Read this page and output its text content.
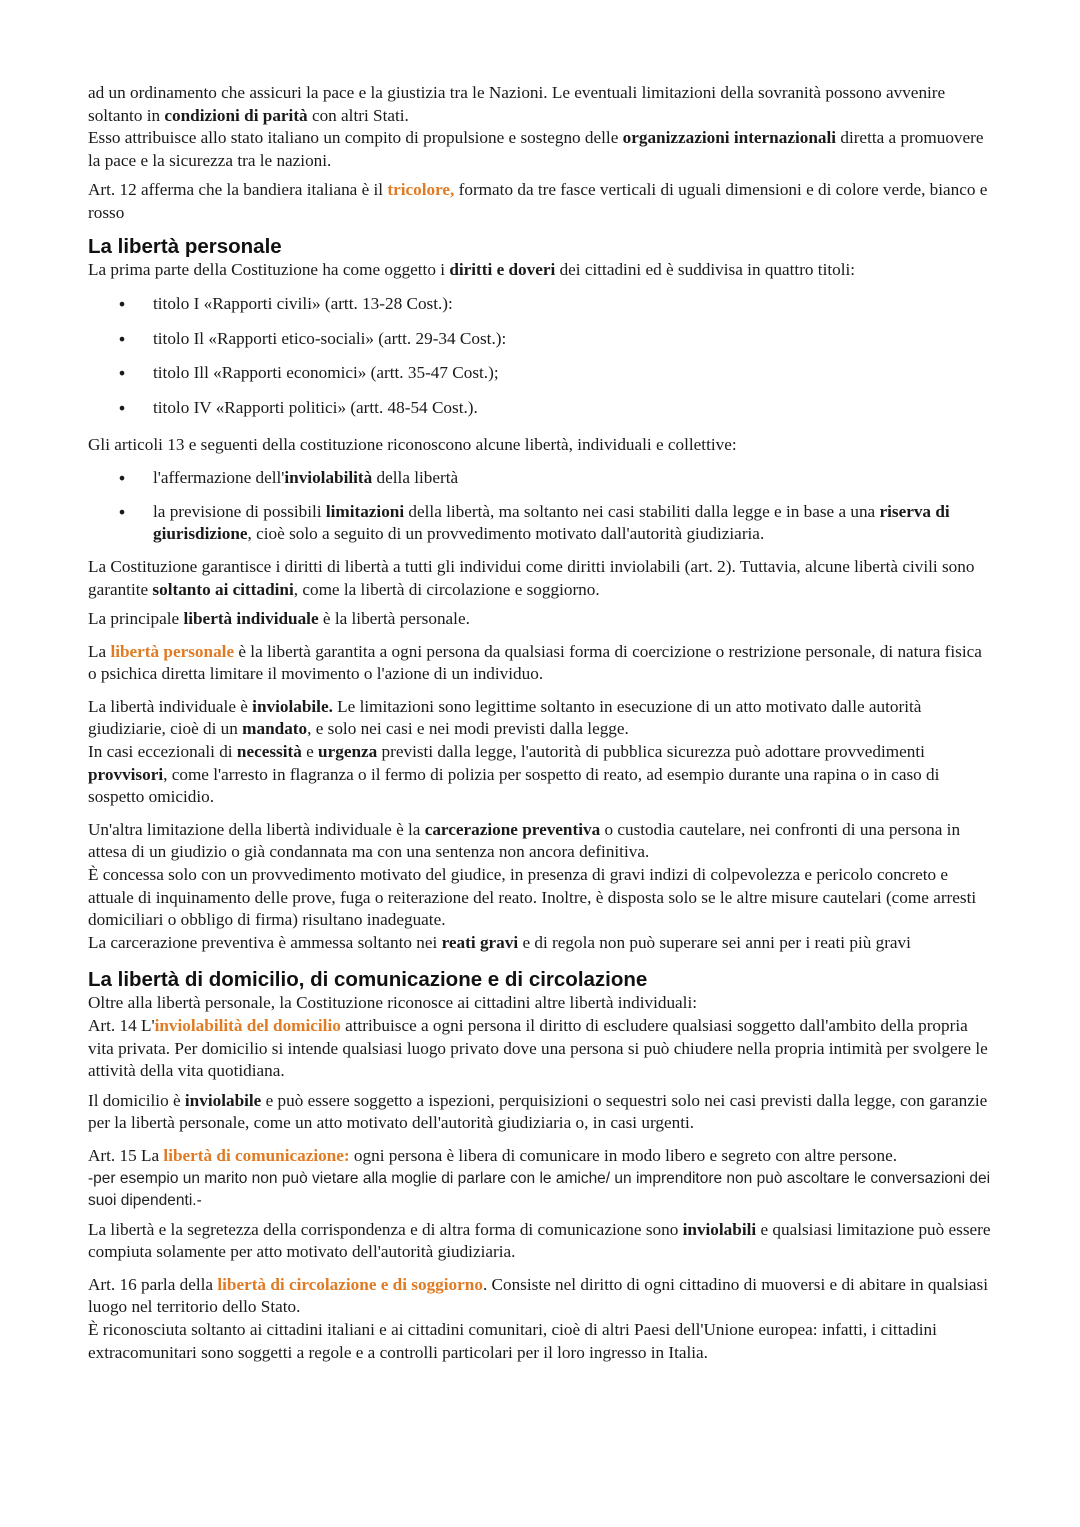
ad un ordinamento che assicuri la pace e la giustizia tra le Nazioni. Le eventuali limitazioni della sovranità possono avvenire soltanto in condizioni di parità con altri Stati.

Esso attribuisce allo stato italiano un compito di propulsione e sostegno delle organizzazioni internazionali diretta a promuovere la pace e la sicurezza tra le nazioni.

Art. 12 afferma che la bandiera italiana è il tricolore, formato da tre fasce verticali di uguali dimensioni e di colore verde, bianco e rosso

La libertà personale

La prima parte della Costituzione ha come oggetto i diritti e doveri dei cittadini ed è suddivisa in quattro titoli:

• titolo I «Rapporti civili» (artt. 13-28 Cost.):
• titolo Il «Rapporti etico-sociali» (artt. 29-34 Cost.):
• titolo Ill «Rapporti economici» (artt. 35-47 Cost.);
• titolo IV «Rapporti politici» (artt. 48-54 Cost.).

Gli articoli 13 e seguenti della costituzione riconoscono alcune libertà, individuali e collettive:

• l'affermazione dell'inviolabilità della libertà
• la previsione di possibili limitazioni della libertà, ma soltanto nei casi stabiliti dalla legge e in base a una riserva di giurisdizione, cioè solo a seguito di un provvedimento motivato dall'autorità giudiziaria.

La Costituzione garantisce i diritti di libertà a tutti gli individui come diritti inviolabili (art. 2). Tuttavia, alcune libertà civili sono garantite soltanto ai cittadini, come la libertà di circolazione e soggiorno.

La principale libertà individuale è la libertà personale.

La libertà personale è la libertà garantita a ogni persona da qualsiasi forma di coercizione o restrizione personale, di natura fisica o psichica diretta limitare il movimento o l'azione di un individuo.

La libertà individuale è inviolabile. Le limitazioni sono legittime soltanto in esecuzione di un atto motivato dalle autorità giudiziarie, cioè di un mandato, e solo nei casi e nei modi previsti dalla legge.

In casi eccezionali di necessità e urgenza previsti dalla legge, l'autorità di pubblica sicurezza può adottare provvedimenti provvisori, come l'arresto in flagranza o il fermo di polizia per sospetto di reato, ad esempio durante una rapina o in caso di sospetto omicidio.

Un'altra limitazione della libertà individuale è la carcerazione preventiva o custodia cautelare, nei confronti di una persona in attesa di un giudizio o già condannata ma con una sentenza non ancora definitiva.

È concessa solo con un provvedimento motivato del giudice, in presenza di gravi indizi di colpevolezza e pericolo concreto e attuale di inquinamento delle prove, fuga o reiterazione del reato. Inoltre, è disposta solo se le altre misure cautelari (come arresti domiciliari o obbligo di firma) risultano inadeguate.

La carcerazione preventiva è ammessa soltanto nei reati gravi e di regola non può superare sei anni per i reati più gravi

La libertà di domicilio, di comunicazione e di circolazione

Oltre alla libertà personale, la Costituzione riconosce ai cittadini altre libertà individuali:

Art. 14 L'inviolabilità del domicilio attribuisce a ogni persona il diritto di escludere qualsiasi soggetto dall'ambito della propria vita privata. Per domicilio si intende qualsiasi luogo privato dove una persona si può chiudere nella propria intimità per svolgere le attività della vita quotidiana.

Il domicilio è inviolabile e può essere soggetto a ispezioni, perquisizioni o sequestri solo nei casi previsti dalla legge, con garanzie per la libertà personale, come un atto motivato dell'autorità giudiziaria o, in casi urgenti.

Art. 15 La libertà di comunicazione: ogni persona è libera di comunicare in modo libero e segreto con altre persone.

-per esempio un marito non può vietare alla moglie di parlare con le amiche/ un imprenditore non può ascoltare le conversazioni dei suoi dipendenti.-

La libertà e la segretezza della corrispondenza e di altra forma di comunicazione sono inviolabili e qualsiasi limitazione può essere compiuta solamente per atto motivato dell'autorità giudiziaria.

Art. 16 parla della libertà di circolazione e di soggiorno. Consiste nel diritto di ogni cittadino di muoversi e di abitare in qualsiasi luogo nel territorio dello Stato.

È riconosciuta soltanto ai cittadini italiani e ai cittadini comunitari, cioè di altri Paesi dell'Unione europea: infatti, i cittadini extracomunitari sono soggetti a regole e a controlli particolari per il loro ingresso in Italia.
